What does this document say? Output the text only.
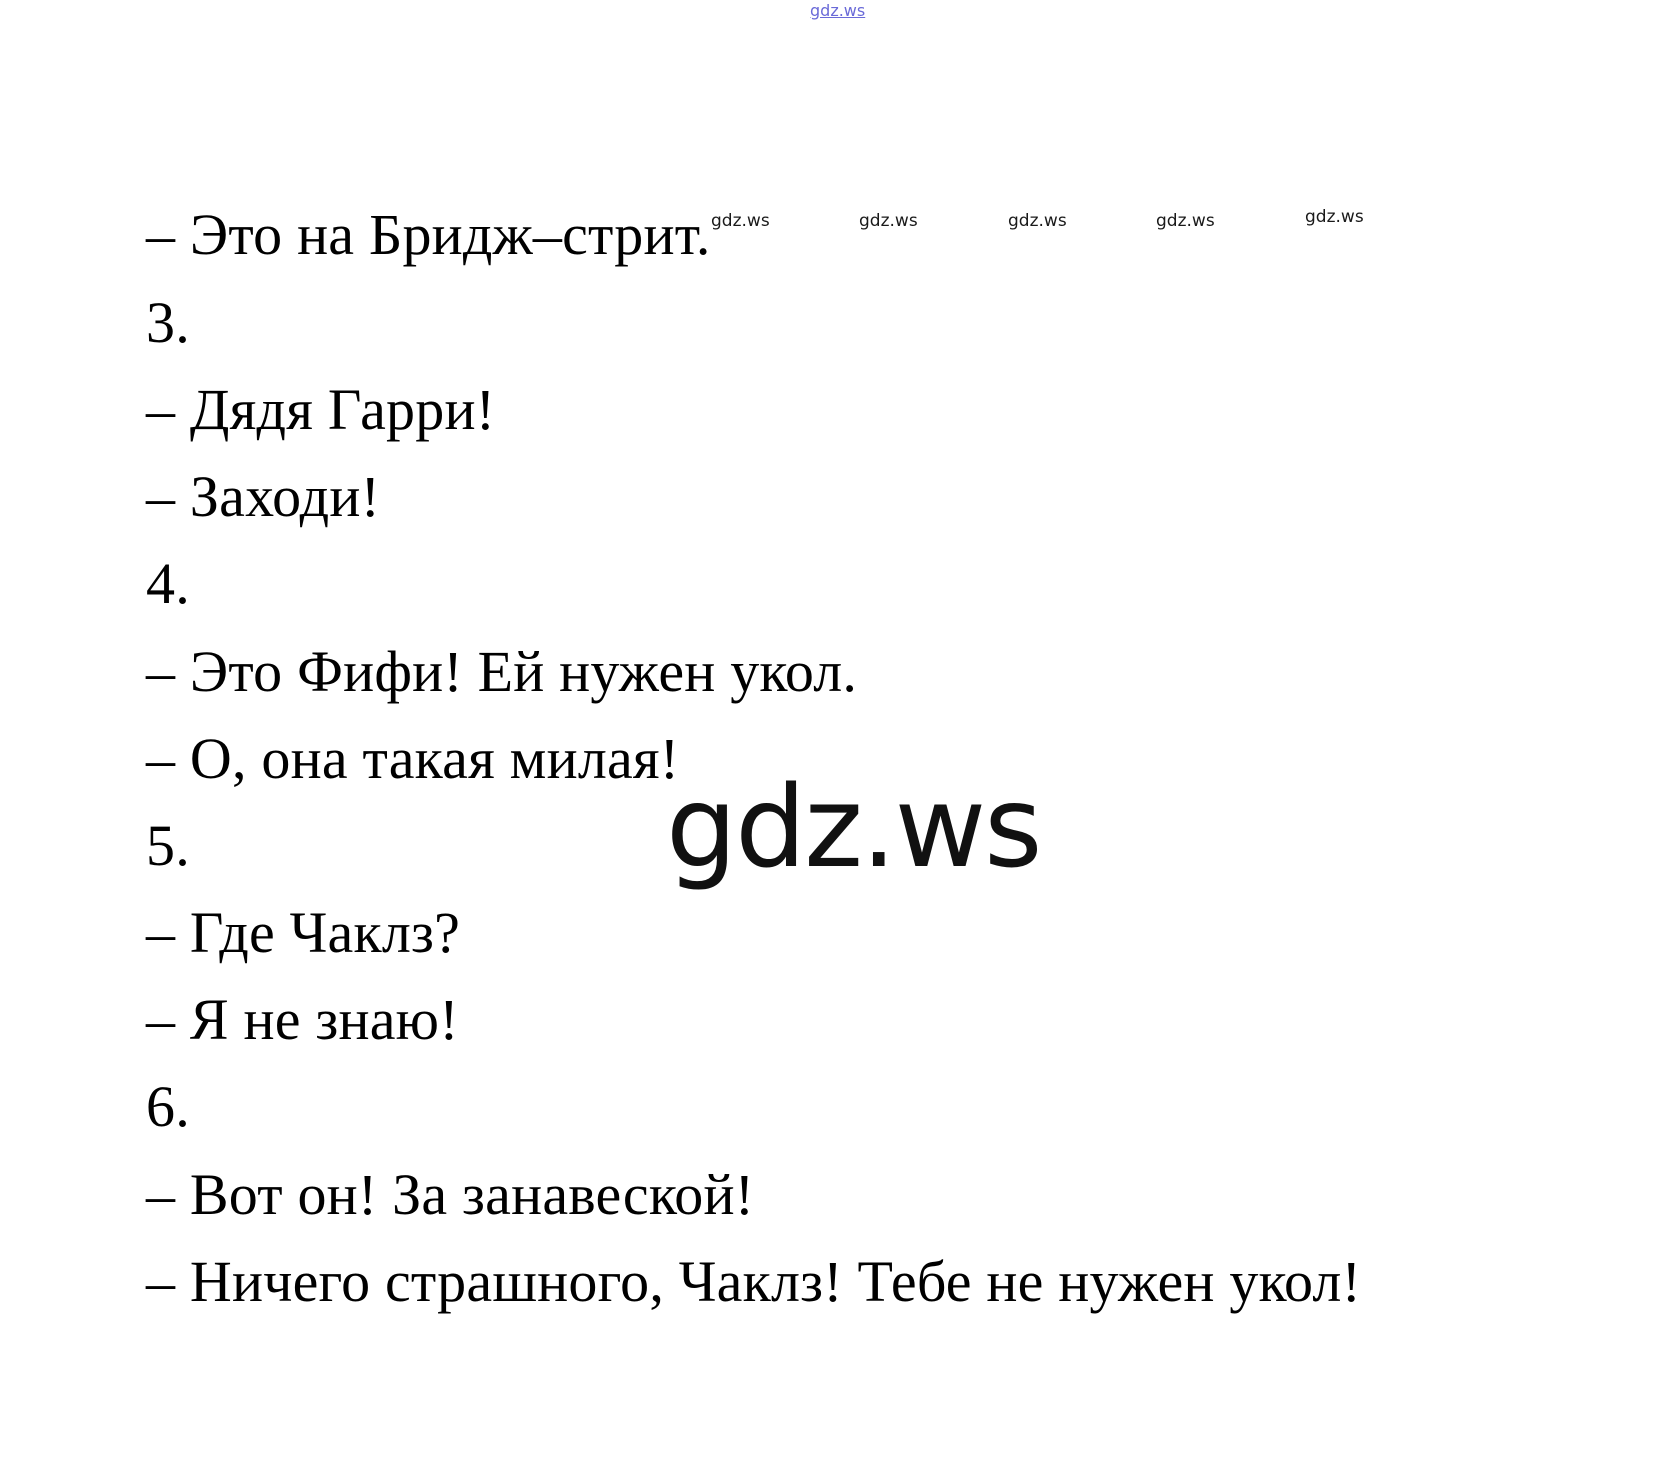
gdz.ws
– Это на Бридж–стрит.
3.
– Дядя Гарри!
– Заходи!
4.
– Это Фифи! Ей нужен укол.
– О, она такая милая!
5.
– Где Чаклз?
– Я не знаю!
6.
– Вот он! За занавеской!
– Ничего страшного, Чаклз! Тебе не нужен укол!
gdz.ws	gdz.ws	gdz.ws	gdz.ws	gdz.ws
gdz.ws
